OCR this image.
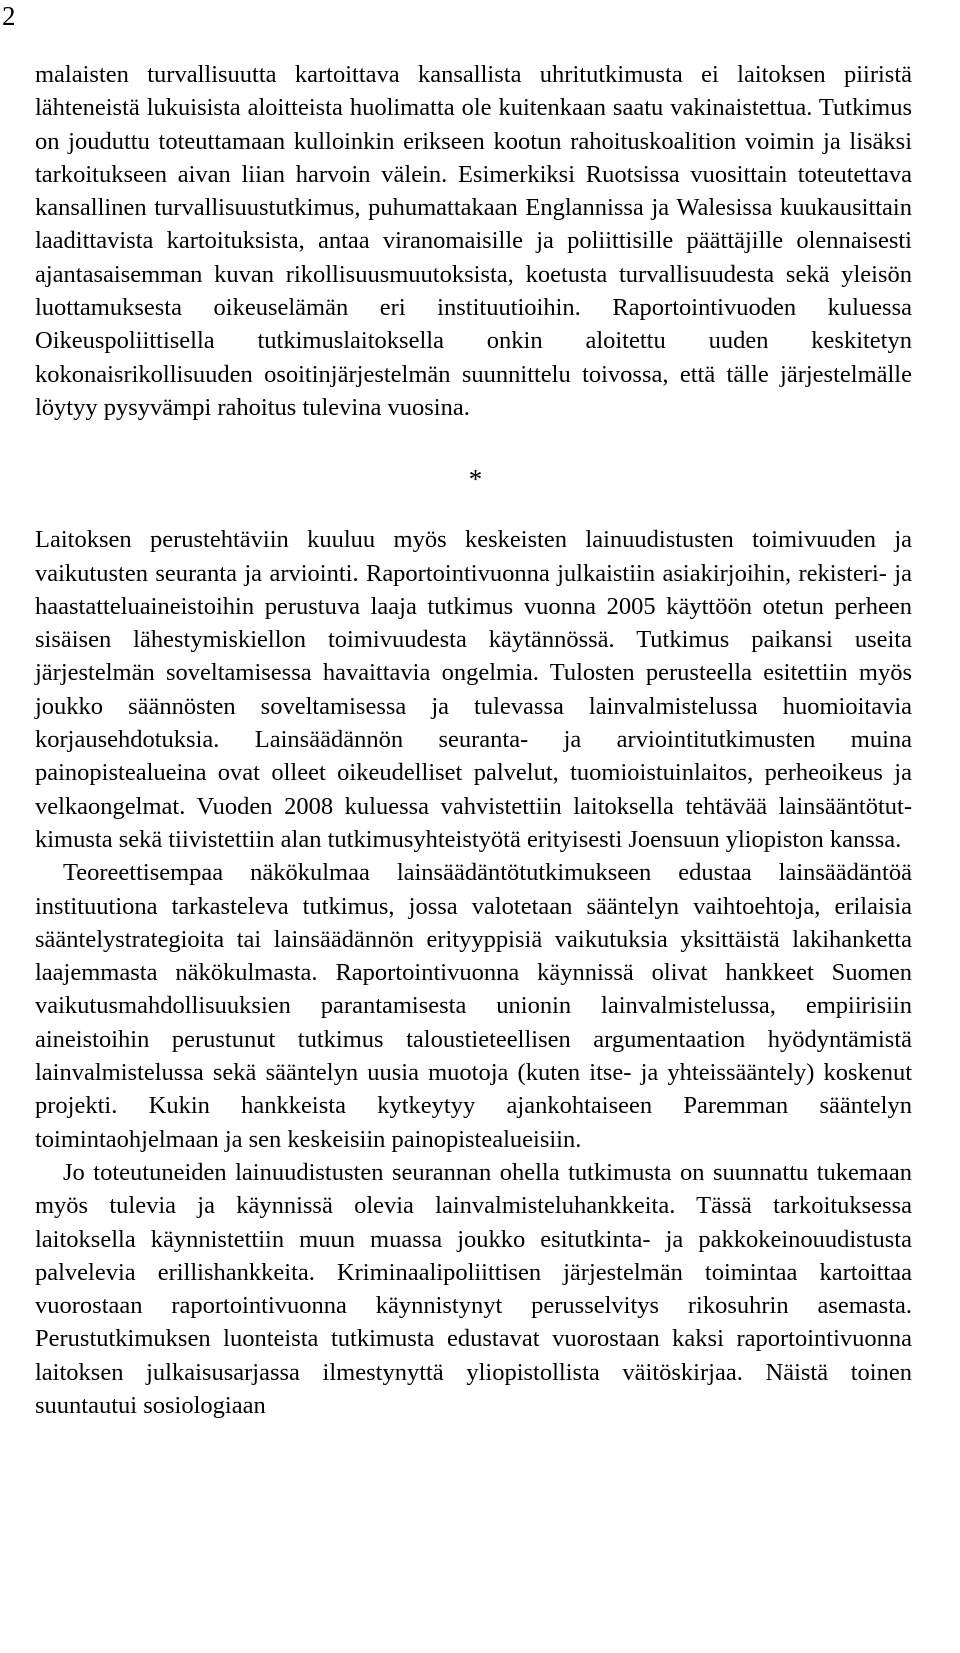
2

malaisten turvallisuutta kartoittava kansallista uhritutkimusta ei laitoksen piiristä lähteneistä lukuisista aloitteista huolimatta ole kuitenkaan saatu vakinaistettua. Tutkimus on jouduttu toteuttamaan kulloinkin erikseen kootun rahoituskoalition voimin ja lisäksi tarkoitukseen aivan liian harvoin välein. Esimerkiksi Ruotsissa vuosittain toteutettava kansallinen turvallisuustutkimus, puhumattakaan Englannissa ja Walesissa kuukausittain laadittavista kartoituksista, antaa viranomaisille ja poliittisille päättäjille olennaisesti ajantasaisemman kuvan rikollisuusmuutoksista, koetusta turvallisuudesta sekä yleisön luottamuksesta oikeuselämän eri instituutioihin. Raportointivuoden kuluessa Oikeuspoliittisella tutkimuslaitoksella onkin aloitettu uuden keskitetyn kokonaisrikollisuuden osoitinjärjestelmän suunnittelu toivossa, että tälle järjestelmälle löytyy pysyvämpi rahoitus tulevina vuosina.

*

Laitoksen perustehtäviin kuuluu myös keskeisten lainuudistusten toimivuuden ja vaikutusten seuranta ja arviointi. Raportointivuonna julkaistiin asiakirjoihin, rekisteri- ja haastatteluaineistoihin perustuva laaja tutkimus vuonna 2005 käyttöön otetun perheen sisäisen lähestymiskiellon toimivuudesta käytännössä. Tutkimus paikansi useita järjestelmän soveltamisessa havaittavia ongelmia. Tulosten perusteella esitettiin myös joukko säännösten soveltamisessa ja tulevassa lainvalmistelussa huomioitavia korjausehdotuksia. Lainsäädännön seuranta- ja arviointitutkimusten muina painopistealueina ovat olleet oikeudelliset palvelut, tuomioistuinlaitos, perheoikeus ja velkaongelmat. Vuoden 2008 kuluessa vahvistettiin laitoksella tehtävää lainsääntötutkimusta sekä tiivistettiin alan tutkimusyhteistyötä erityisesti Joensuun yliopiston kanssa.

Teoreettisempaa näkökulmaa lainsäädäntötutkimukseen edustaa lainsäädäntöä instituutiona tarkasteleva tutkimus, jossa valotetaan sääntelyn vaihtoehtoja, erilaisia sääntelystrategioita tai lainsäädännön erityyppisiä vaikutuksia yksittäistä lakihanketta laajemmasta näkökulmasta. Raportointivuonna käynnissä olivat hankkeet Suomen vaikutusmahdollisuuksien parantamisesta unionin lainvalmistelussa, empiirisiin aineistoihin perustunut tutkimus taloustieteellisen argumentaation hyödyntämistä lainvalmistelussa sekä sääntelyn uusia muotoja (kuten itse- ja yhteissääntely) koskenut projekti. Kukin hankkeista kytkeytyy ajankohtaiseen Paremman sääntelyn toimintaohjelmaan ja sen keskeisiin painopistealueisiin.

Jo toteutuneiden lainuudistusten seurannan ohella tutkimusta on suunnattu tukemaan myös tulevia ja käynnissä olevia lainvalmisteluhankkeita. Tässä tarkoituksessa laitoksella käynnistettiin muun muassa joukko esitutkinta- ja pakkokeinouudistusta palvelevia erillishankkeita. Kriminaalipoliittisen järjestelmän toimintaa kartoittaa vuorostaan raportointivuonna käynnistynyt perusselvitys rikosuhrin asemasta. Perustutkimuksen luonteista tutkimusta edustavat vuorostaan kaksi raportointivuonna laitoksen julkaisusarjassa ilmestynyttä yliopistollista väitöskirjaa. Näistä toinen suuntautui sosiologiaan
